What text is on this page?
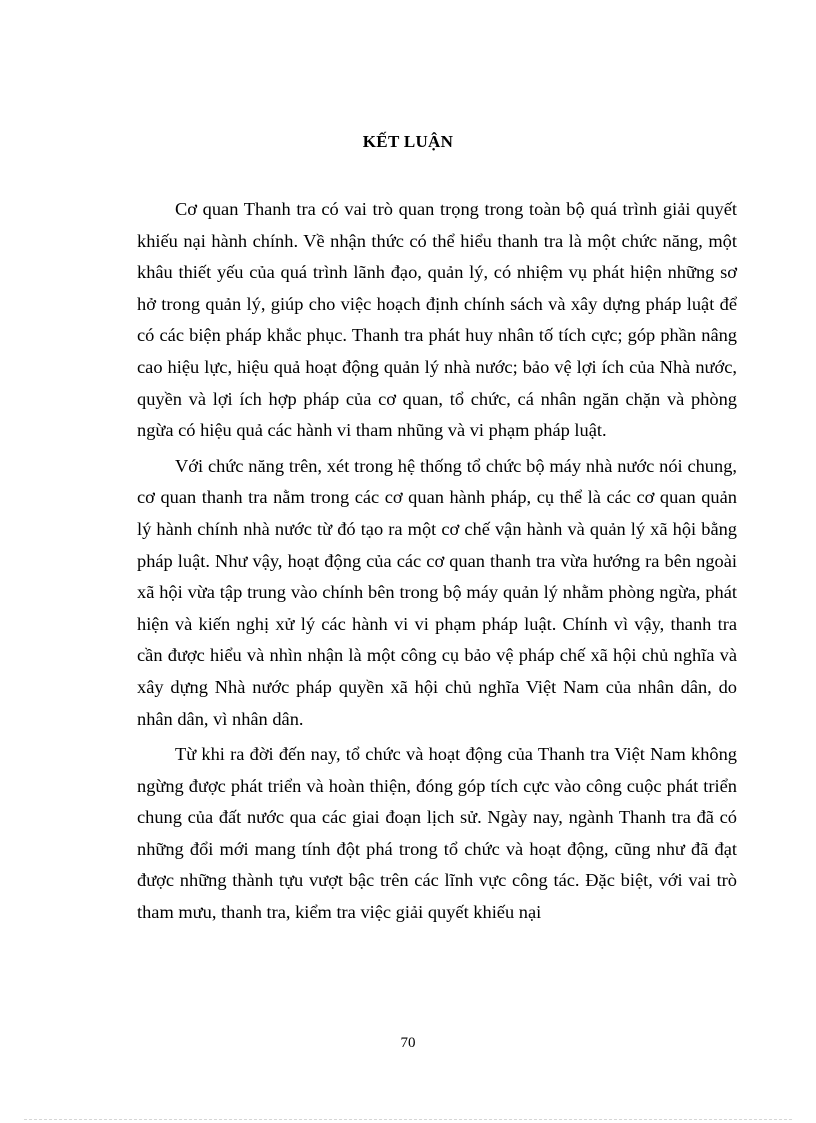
KẾT LUẬN

Cơ quan Thanh tra có vai trò quan trọng trong toàn bộ quá trình giải quyết khiếu nại hành chính. Về nhận thức có thể hiểu thanh tra là một chức năng, một khâu thiết yếu của quá trình lãnh đạo, quản lý, có nhiệm vụ phát hiện những sơ hở trong quản lý, giúp cho việc hoạch định chính sách và xây dựng pháp luật để có các biện pháp khắc phục. Thanh tra phát huy nhân tố tích cực; góp phần nâng cao hiệu lực, hiệu quả hoạt động quản lý nhà nước; bảo vệ lợi ích của Nhà nước, quyền và lợi ích hợp pháp của cơ quan, tổ chức, cá nhân ngăn chặn và phòng ngừa có hiệu quả các hành vi tham nhũng và vi phạm pháp luật.

Với chức năng trên, xét trong hệ thống tổ chức bộ máy nhà nước nói chung, cơ quan thanh tra nằm trong các cơ quan hành pháp, cụ thể là các cơ quan quản lý hành chính nhà nước từ đó tạo ra một cơ chế vận hành và quản lý xã hội bằng pháp luật. Như vậy, hoạt động của các cơ quan thanh tra vừa hướng ra bên ngoài xã hội vừa tập trung vào chính bên trong bộ máy quản lý nhằm phòng ngừa, phát hiện và kiến nghị xử lý các hành vi vi phạm pháp luật. Chính vì vậy, thanh tra cần được hiểu và nhìn nhận là một công cụ bảo vệ pháp chế xã hội chủ nghĩa và xây dựng Nhà nước pháp quyền xã hội chủ nghĩa Việt Nam của nhân dân, do nhân dân, vì nhân dân.

Từ khi ra đời đến nay, tổ chức và hoạt động của Thanh tra Việt Nam không ngừng được phát triển và hoàn thiện, đóng góp tích cực vào công cuộc phát triển chung của đất nước qua các giai đoạn lịch sử. Ngày nay, ngành Thanh tra đã có những đổi mới mang tính đột phá trong tổ chức và hoạt động, cũng như đã đạt được những thành tựu vượt bậc trên các lĩnh vực công tác. Đặc biệt, với vai trò tham mưu, thanh tra, kiểm tra việc giải quyết khiếu nại

70
